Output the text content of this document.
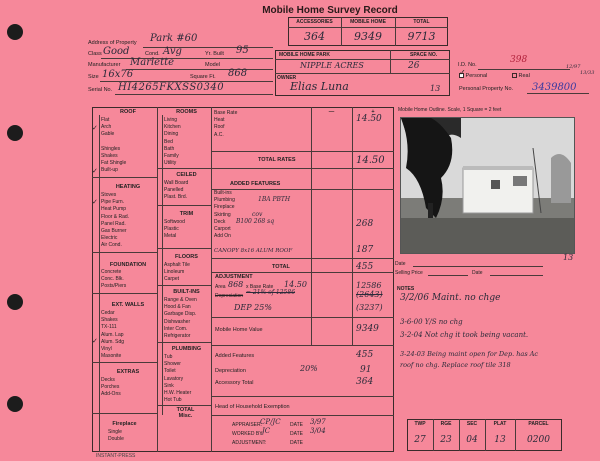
Mobile Home Survey Record
ACCESSORIES	MOBILE HOME	TOTAL
364	9349	9713
Address of Property Park #60
Class Good	Cond. Avg	Yr. Built 95
Manufacturer Marlette	Model
Size 16x76	Square Ft. 868
Serial No. HI4265FKXSS0340
MOBILE HOME PARK	SPACE NO.
NIPPLE ACRES	26
OWNER
Elias Luna	13
I.D. No.	398
12/97
13/33
✓ Personal	Real
Personal Property No. 3439800
ROOF
Flat
Arch
Gable
Shingles
Shakes
Fat Shingle
Built-up
✓
✓
HEATING
Stoves
Pipe Furn.
Heat Pump
Floor & Rad.
Panel Rad.
Gas Burner
Electric
Air Cond.
✓
FOUNDATION
Concrete
Conc. Blk.
Posts/Piers
EXT. WALLS
Cedar
Shakes
TX-111
Alum. Lap
Alum. Sdg
Vinyl
Masonite
✓
EXTRAS
Decks
Porches
Add-Ons
Fireplace
Single
Double
ROOMS
Living
Kitchen
Dining
Bed
Bath
Family
Utility
CEILED
Wall Board
Panelled
Plast. Brd.
TRIM
Softwood
Plastic
Metal
FLOORS
Asphalt Tile
Linoleum
Carpet
BUILT-INS
Range & Oven
Hood & Fan
Garbage Disp.
Dishwasher
Inter Com.
Refrigerator
PLUMBING
Tub
Shower
Toilet
Lavatory
Sink
H.W. Heater
Hot Tub
TOTAL
Misc.
—	+
Base Rate
Heat
Roof
A.C.
14.50
TOTAL RATES	14.50
ADDED FEATURES
Built-ins
Plumbing
Fireplace
Skirting
Deck
Carport
Add On
1BA PBTH
cov
B100 268 sq	268
CANOPY 8x16 ALUM ROOF	187
TOTAL	455
ADJUSTMENT
Area 868 x Base Rate 14.50	12586
Depreciation = 21% of 12586	(2643)
DEP 25%	(3237)
Mobile Home Value	9349
Added Features	455
Depreciation	20%	91
Accessory Total	364
Head of Household Exemption
APPRAISER:
CP/JC DATE 3/97
WORKED BY:
JC	DATE 3/04
ADJUSTMENT:	DATE
Mobile Home Outline. Scale, 1 Square = 2 feet
13
Date
Selling Price	Date
NOTES
3/2/06 Maint. no chge
3-6-00 Y/S no chg
3-2-04 Not chg it took being vacant.
3-24-03 Being maint open for Dep. has Ac
roof no chg. Replace roof tile 318
TWP	RGE	SEC	PLAT	PARCEL
27	23	04	13	0200
INSTANT-PRESS
